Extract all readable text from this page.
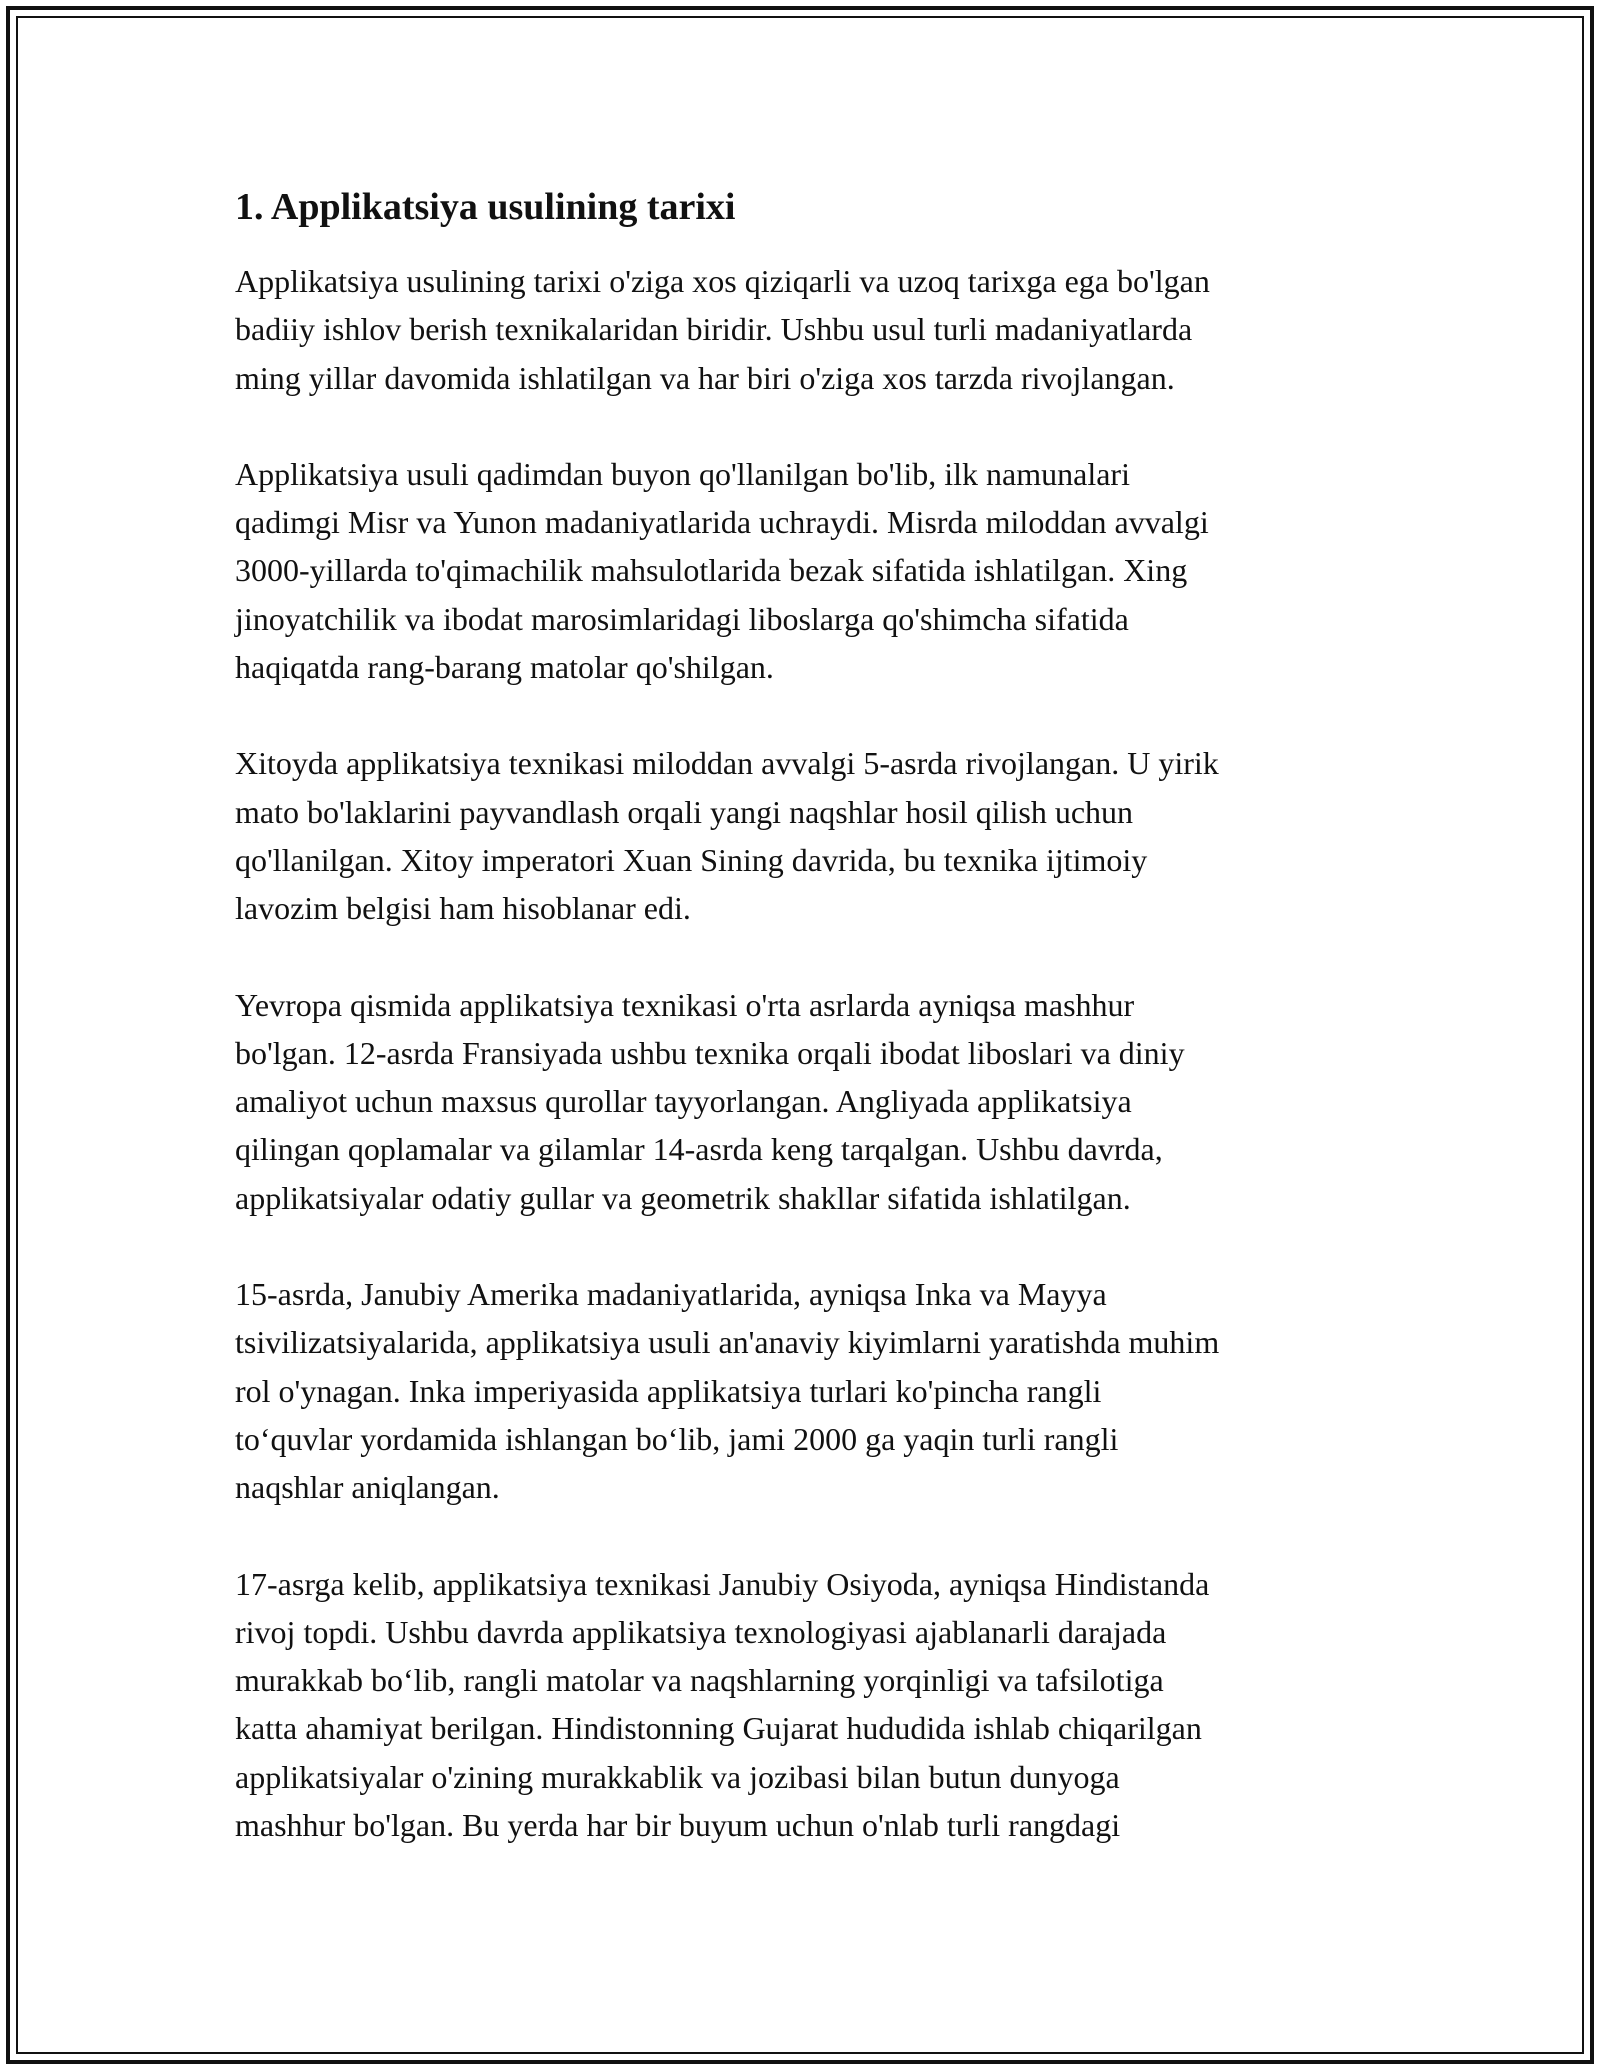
1. Applikatsiya usulining tarixi

Applikatsiya usulining tarixi o'ziga xos qiziqarli va uzoq tarixga ega bo'lgan
badiiy ishlov berish texnikalaridan biridir. Ushbu usul turli madaniyatlarda
ming yillar davomida ishlatilgan va har biri o'ziga xos tarzda rivojlangan.

Applikatsiya usuli qadimdan buyon qo'llanilgan bo'lib, ilk namunalari
qadimgi Misr va Yunon madaniyatlarida uchraydi. Misrda miloddan avvalgi
3000-yillarda to'qimachilik mahsulotlarida bezak sifatida ishlatilgan. Xing
jinoyatchilik va ibodat marosimlaridagi liboslarga qo'shimcha sifatida
haqiqatda rang-barang matolar qo'shilgan.

Xitoyda applikatsiya texnikasi miloddan avvalgi 5-asrda rivojlangan. U yirik
mato bo'laklarini payvandlash orqali yangi naqshlar hosil qilish uchun
qo'llanilgan. Xitoy imperatori Xuan Sining davrida, bu texnika ijtimoiy
lavozim belgisi ham hisoblanar edi.

Yevropa qismida applikatsiya texnikasi o'rta asrlarda ayniqsa mashhur
bo'lgan. 12-asrda Fransiyada ushbu texnika orqali ibodat liboslari va diniy
amaliyot uchun maxsus qurollar tayyorlangan. Angliyada applikatsiya
qilingan qoplamalar va gilamlar 14-asrda keng tarqalgan. Ushbu davrda,
applikatsiyalar odatiy gullar va geometrik shakllar sifatida ishlatilgan.

15-asrda, Janubiy Amerika madaniyatlarida, ayniqsa Inka va Mayya
tsivilizatsiyalarida, applikatsiya usuli an'anaviy kiyimlarni yaratishda muhim
rol o'ynagan. Inka imperiyasida applikatsiya turlari ko'pincha rangli
to‘quvlar yordamida ishlangan bo‘lib, jami 2000 ga yaqin turli rangli
naqshlar aniqlangan.

17-asrga kelib, applikatsiya texnikasi Janubiy Osiyoda, ayniqsa Hindistanda
rivoj topdi. Ushbu davrda applikatsiya texnologiyasi ajablanarli darajada
murakkab bo‘lib, rangli matolar va naqshlarning yorqinligi va tafsilotiga
katta ahamiyat berilgan. Hindistonning Gujarat hududida ishlab chiqarilgan
applikatsiyalar o'zining murakkablik va jozibasi bilan butun dunyoga
mashhur bo'lgan. Bu yerda har bir buyum uchun o'nlab turli rangdagi
